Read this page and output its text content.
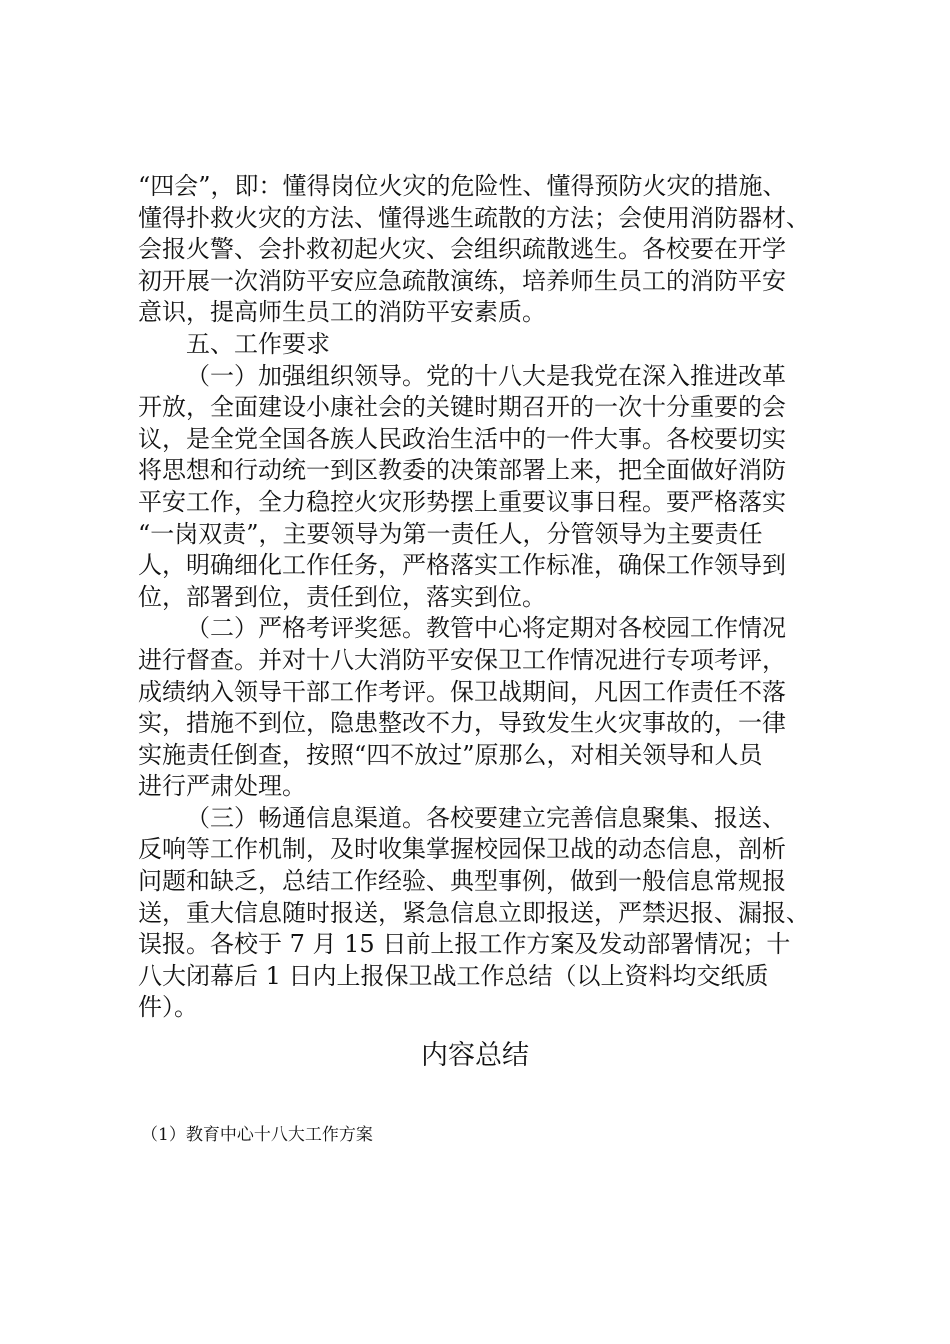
“四会”，即：懂得岗位火灾的危险性、懂得预防火灾的措施、
懂得扑救火灾的方法、懂得逃生疏散的方法；会使用消防器材、
会报火警、会扑救初起火灾、会组织疏散逃生。各校要在开学
初开展一次消防平安应急疏散演练，培养师生员工的消防平安
意识，提高师生员工的消防平安素质。
五、工作要求
（一）加强组织领导。党的十八大是我党在深入推进改革
开放，全面建设小康社会的关键时期召开的一次十分重要的会
议，是全党全国各族人民政治生活中的一件大事。各校要切实
将思想和行动统一到区教委的决策部署上来，把全面做好消防
平安工作，全力稳控火灾形势摆上重要议事日程。要严格落实
“一岗双责”，主要领导为第一责任人，分管领导为主要责任
人，明确细化工作任务，严格落实工作标准，确保工作领导到
位，部署到位，责任到位，落实到位。
（二）严格考评奖惩。教管中心将定期对各校园工作情况
进行督查。并对十八大消防平安保卫工作情况进行专项考评，
成绩纳入领导干部工作考评。保卫战期间，凡因工作责任不落
实，措施不到位，隐患整改不力，导致发生火灾事故的，一律
实施责任倒查，按照“四不放过”原那么，对相关领导和人员
进行严肃处理。
（三）畅通信息渠道。各校要建立完善信息聚集、报送、
反响等工作机制，及时收集掌握校园保卫战的动态信息，剖析
问题和缺乏，总结工作经验、典型事例，做到一般信息常规报
送，重大信息随时报送，紧急信息立即报送，严禁迟报、漏报、
误报。各校于 7 月 15 日前上报工作方案及发动部署情况；十
八大闭幕后 1 日内上报保卫战工作总结（以上资料均交纸质
件）。
内容总结
（1）教育中心十八大工作方案
